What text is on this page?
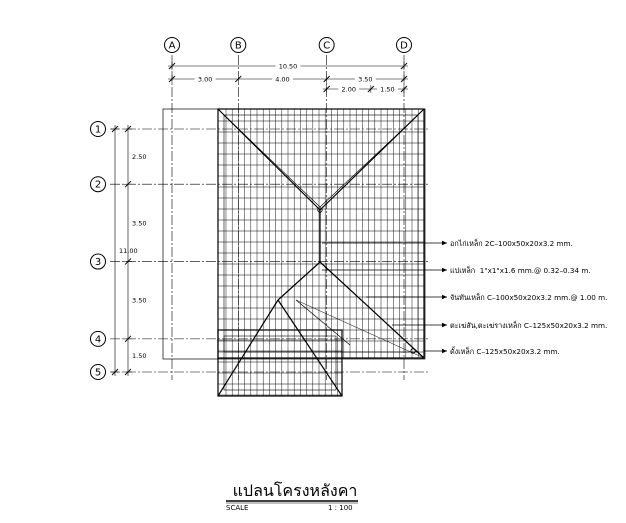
10.50
3.00	4.00	3.50
2.00	1.50
11.00
2.50
3.50
3.50
1.50
A	B	C	D
1
2
3
4
5
อกไก่เหล็ก 2C–100x50x20x3.2 mm.
แปเหล็ก  1"x1"x1.6 mm.@ 0.32–0.34 m.
จันทันเหล็ก C–100x50x20x3.2 mm.@ 1.00 m.
ตะเฆ่สัน,ตะเฆ่รางเหล็ก C–125x50x20x3.2 mm.
ดั้งเหล็ก C–125x50x20x3.2 mm.
แปลนโครงหลังคา
SCALE	1 : 100
